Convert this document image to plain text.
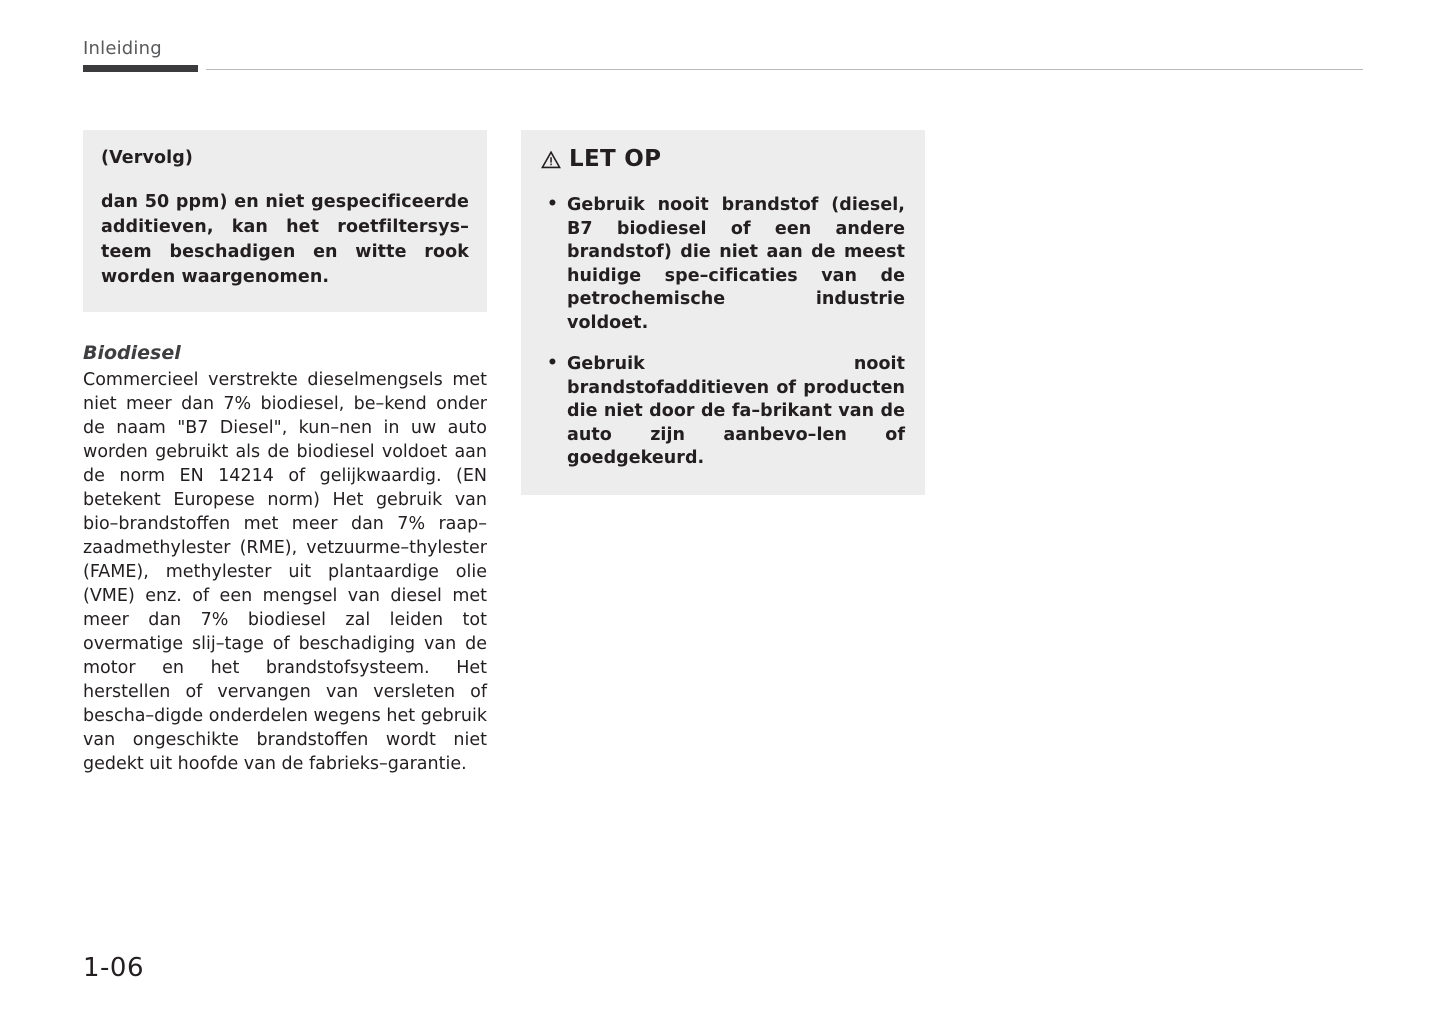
Inleiding

(Vervolg)

dan 50 ppm) en niet gespecificeerde additieven, kan het roetfiltersys–teem beschadigen en witte rook worden waargenomen.

Biodiesel

Commercieel verstrekte dieselmengsels met niet meer dan 7% biodiesel, be–kend onder de naam "B7 Diesel", kun–nen in uw auto worden gebruikt als de biodiesel voldoet aan de norm EN 14214 of gelijkwaardig. (EN betekent Europese norm) Het gebruik van bio–brandstoffen met meer dan 7% raap–zaadmethylester (RME), vetzuurme–thylester (FAME), methylester uit plantaardige olie (VME) enz. of een mengsel van diesel met meer dan 7% biodiesel zal leiden tot overmatige slij–tage of beschadiging van de motor en het brandstofsysteem. Het herstellen of vervangen van versleten of bescha–digde onderdelen wegens het gebruik van ongeschikte brandstoffen wordt niet gedekt uit hoofde van de fabrieks–garantie.

LET OP
• Gebruik nooit brandstof (diesel, B7 biodiesel of een andere brandstof) die niet aan de meest huidige spe–cificaties van de petrochemische industrie voldoet.
• Gebruik nooit brandstofadditieven of producten die niet door de fa–brikant van de auto zijn aanbevo–len of goedgekeurd.
1-06
